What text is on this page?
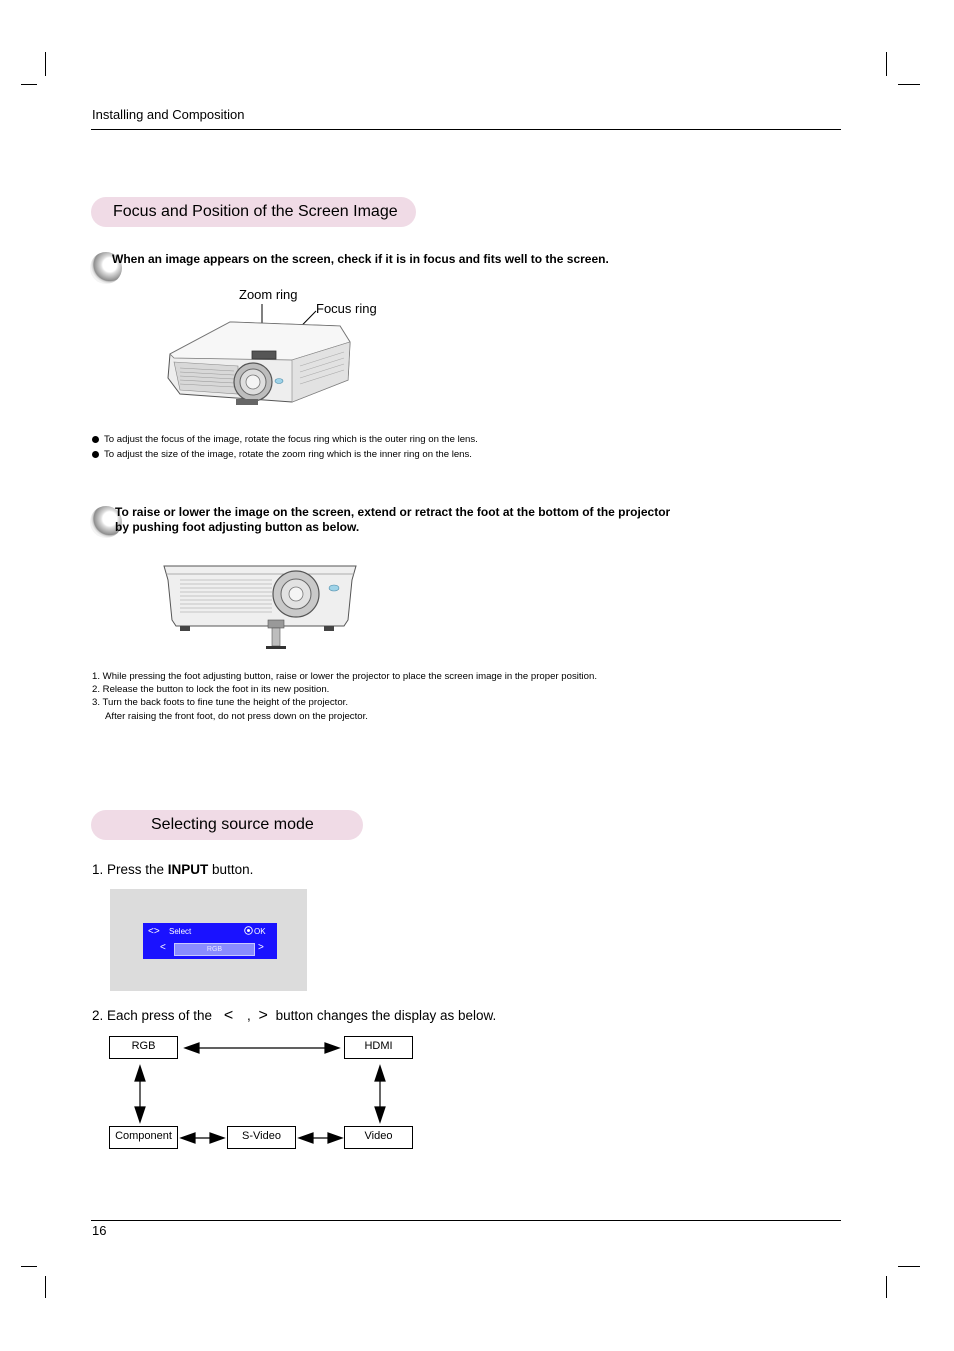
Installing and Composition
Focus and Position of the Screen Image
When an image appears on the screen, check if it is in focus and fits well to the screen.
Zoom ring
Focus ring
To adjust the focus of the image, rotate the focus ring which is the outer ring on the lens.
To adjust the size of the image, rotate the zoom ring which is the inner ring on the lens.
To raise or lower the image on the screen, extend or retract the foot at the bottom of the projector
by pushing foot adjusting button as below.
1. While pressing the foot adjusting button, raise or lower the projector to place the screen image in the proper position.
2. Release the button to lock the foot in its new position.
3. Turn the back foots to fine tune the height of the projector.
After raising the front foot, do not press down on the projector.
Selecting source mode
1. Press the INPUT button.
<> Select	OK
<	RGB	>
2. Each press of the < , > button changes the display as below.
RGB	HDMI
Component	S-Video	Video
16
